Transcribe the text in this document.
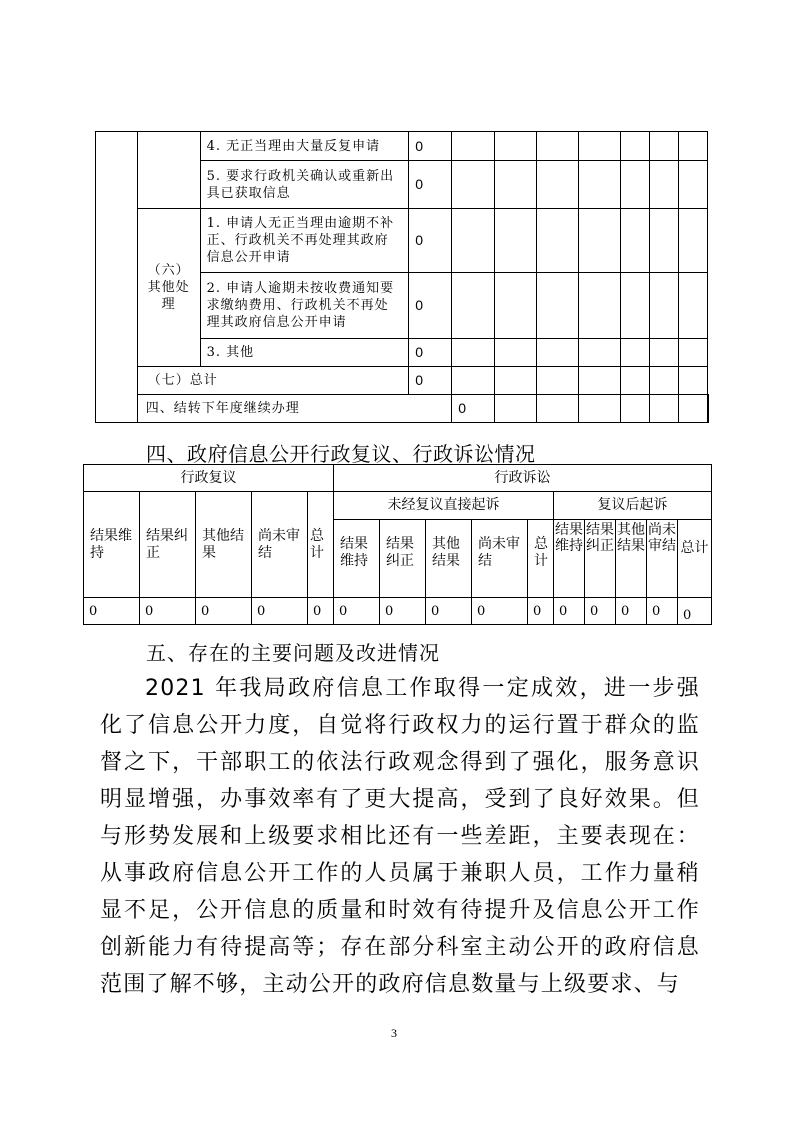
		4. 无正当理由大量反复申请	0								
		5. 要求行政机关确认或重新出具已获取信息	0								
	（六）其他处理	1. 申请人无正当理由逾期不补正、行政机关不再处理其政府信息公开申请	0								
		2. 申请人逾期未按收费通知要求缴纳费用、行政机关不再处理其政府信息公开申请	0								
		3. 其他	0								
	（七）总计		0								
	四、结转下年度继续办理			0							
四、政府信息公开行政复议、行政诉讼情况
行政复议					行政诉讼									
结果维持	结果纠正	其他结果	尚未审结	总计	未经复议直接起诉					复议后起诉				
					结果维持	结果纠正	其他结果	尚未审结	总计	结果维持	结果纠正	其他结果	尚未审结	总计
0	0	0	0	0	0	0	0	0	0	0	0	0	0	0
五、存在的主要问题及改进情况

2021 年我局政府信息工作取得一定成效，进一步强化了信息公开力度，自觉将行政权力的运行置于群众的监督之下，干部职工的依法行政观念得到了强化，服务意识明显增强，办事效率有了更大提高，受到了良好效果。但与形势发展和上级要求相比还有一些差距，主要表现在：从事政府信息公开工作的人员属于兼职人员，工作力量稍显不足，公开信息的质量和时效有待提升及信息公开工作创新能力有待提高等；存在部分科室主动公开的政府信息范围了解不够，主动公开的政府信息数量与上级要求、与

3
